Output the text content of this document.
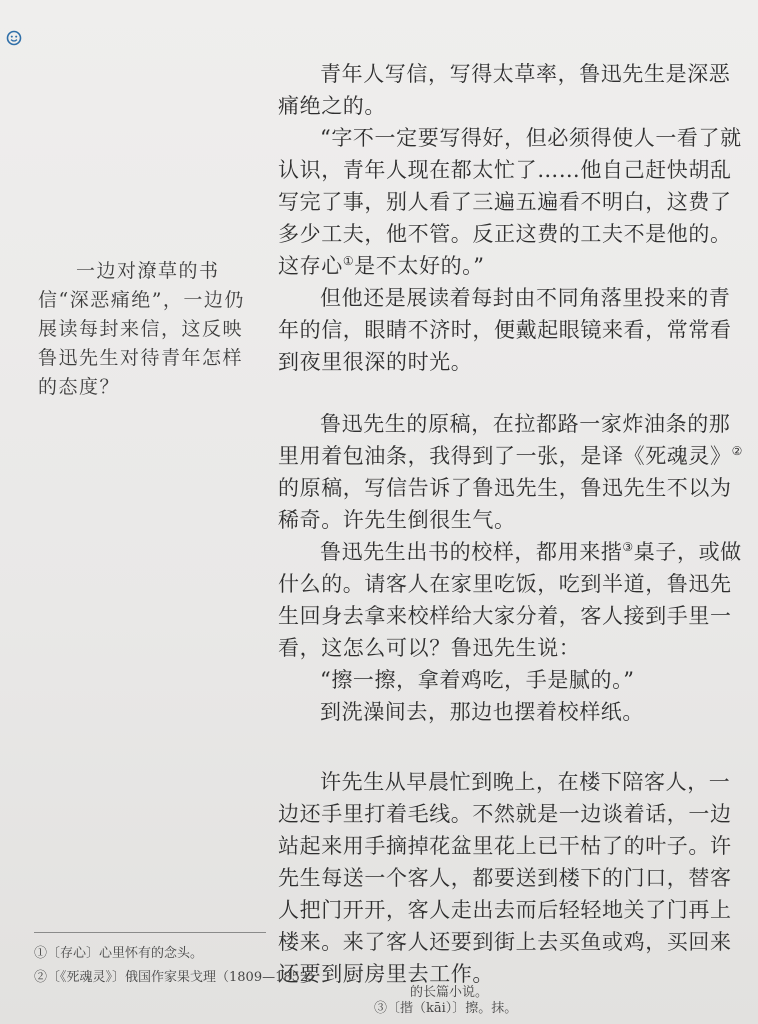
一边对潦草的书信“深恶痛绝”，一边仍展读每封来信，这反映鲁迅先生对待青年怎样的态度？

青年人写信，写得太草率，鲁迅先生是深恶痛绝之的。

“字不一定要写得好，但必须得使人一看了就认识，青年人现在都太忙了……他自己赶快胡乱写完了事，别人看了三遍五遍看不明白，这费了多少工夫，他不管。反正这费的工夫不是他的。这存心①是不太好的。”

但他还是展读着每封由不同角落里投来的青年的信，眼睛不济时，便戴起眼镜来看，常常看到夜里很深的时光。

鲁迅先生的原稿，在拉都路一家炸油条的那里用着包油条，我得到了一张，是译《死魂灵》②的原稿，写信告诉了鲁迅先生，鲁迅先生不以为稀奇。许先生倒很生气。

鲁迅先生出书的校样，都用来揩③桌子，或做什么的。请客人在家里吃饭，吃到半道，鲁迅先生回身去拿来校样给大家分着，客人接到手里一看，这怎么可以？鲁迅先生说：

“擦一擦，拿着鸡吃，手是腻的。”

到洗澡间去，那边也摆着校样纸。

许先生从早晨忙到晚上，在楼下陪客人，一边还手里打着毛线。不然就是一边谈着话，一边站起来用手摘掉花盆里花上已干枯了的叶子。许先生每送一个客人，都要送到楼下的门口，替客人把门开开，客人走出去而后轻轻地关了门再上楼来。来了客人还要到街上去买鱼或鸡，买回来还要到厨房里去工作。

①〔存心〕心里怀有的念头。

②〔《死魂灵》〕俄国作家果戈理（1809—1852）

的长篇小说。
③〔揩（kāi）〕擦。抹。
